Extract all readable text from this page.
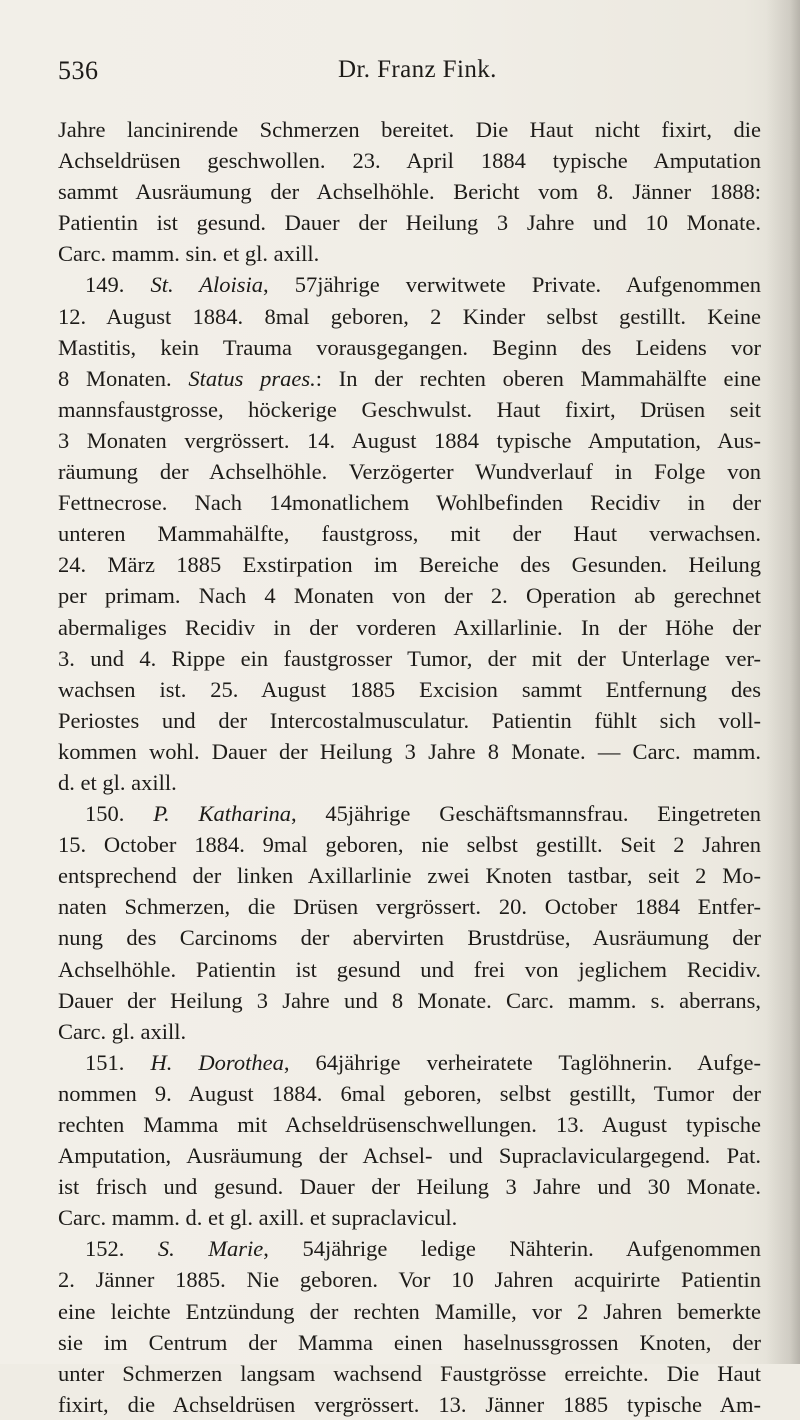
536	Dr. Franz Fink.
Jahre lancinirende Schmerzen bereitet. Die Haut nicht fixirt, die
Achseldrüsen geschwollen. 23. April 1884 typische Amputation
sammt Ausräumung der Achselhöhle. Bericht vom 8. Jänner 1888:
Patientin ist gesund. Dauer der Heilung 3 Jahre und 10 Monate.
Carc. mamm. sin. et gl. axill.
149. St. Aloisia, 57jährige verwitwete Private. Aufgenommen
12. August 1884. 8mal geboren, 2 Kinder selbst gestillt. Keine
Mastitis, kein Trauma vorausgegangen. Beginn des Leidens vor
8 Monaten. Status praes.: In der rechten oberen Mammahälfte eine
mannsfaustgrosse, höckerige Geschwulst. Haut fixirt, Drüsen seit
3 Monaten vergrössert. 14. August 1884 typische Amputation, Aus-
räumung der Achselhöhle. Verzögerter Wundverlauf in Folge von
Fettnecrose. Nach 14monatlichem Wohlbefinden Recidiv in der
unteren Mammahälfte, faustgross, mit der Haut verwachsen.
24. März 1885 Exstirpation im Bereiche des Gesunden. Heilung
per primam. Nach 4 Monaten von der 2. Operation ab gerechnet
abermaliges Recidiv in der vorderen Axillarlinie. In der Höhe der
3. und 4. Rippe ein faustgrosser Tumor, der mit der Unterlage ver-
wachsen ist. 25. August 1885 Excision sammt Entfernung des
Periostes und der Intercostalmusculatur. Patientin fühlt sich voll-
kommen wohl. Dauer der Heilung 3 Jahre 8 Monate. — Carc. mamm.
d. et gl. axill.
150. P. Katharina, 45jährige Geschäftsmannsfrau. Eingetreten
15. October 1884. 9mal geboren, nie selbst gestillt. Seit 2 Jahren
entsprechend der linken Axillarlinie zwei Knoten tastbar, seit 2 Mo-
naten Schmerzen, die Drüsen vergrössert. 20. October 1884 Entfer-
nung des Carcinoms der abervirten Brustdrüse, Ausräumung der
Achselhöhle. Patientin ist gesund und frei von jeglichem Recidiv.
Dauer der Heilung 3 Jahre und 8 Monate. Carc. mamm. s. aberrans,
Carc. gl. axill.
151. H. Dorothea, 64jährige verheiratete Taglöhnerin. Aufge-
nommen 9. August 1884. 6mal geboren, selbst gestillt, Tumor der
rechten Mamma mit Achseldrüsenschwellungen. 13. August typische
Amputation, Ausräumung der Achsel- und Supraclaviculargegend. Pat.
ist frisch und gesund. Dauer der Heilung 3 Jahre und 30 Monate.
Carc. mamm. d. et gl. axill. et supraclavicul.
152. S. Marie, 54jährige ledige Nähterin. Aufgenommen
2. Jänner 1885. Nie geboren. Vor 10 Jahren acquirirte Patientin
eine leichte Entzündung der rechten Mamille, vor 2 Jahren bemerkte
sie im Centrum der Mamma einen haselnussgrossen Knoten, der
unter Schmerzen langsam wachsend Faustgrösse erreichte. Die Haut
fixirt, die Achseldrüsen vergrössert. 13. Jänner 1885 typische Am-
